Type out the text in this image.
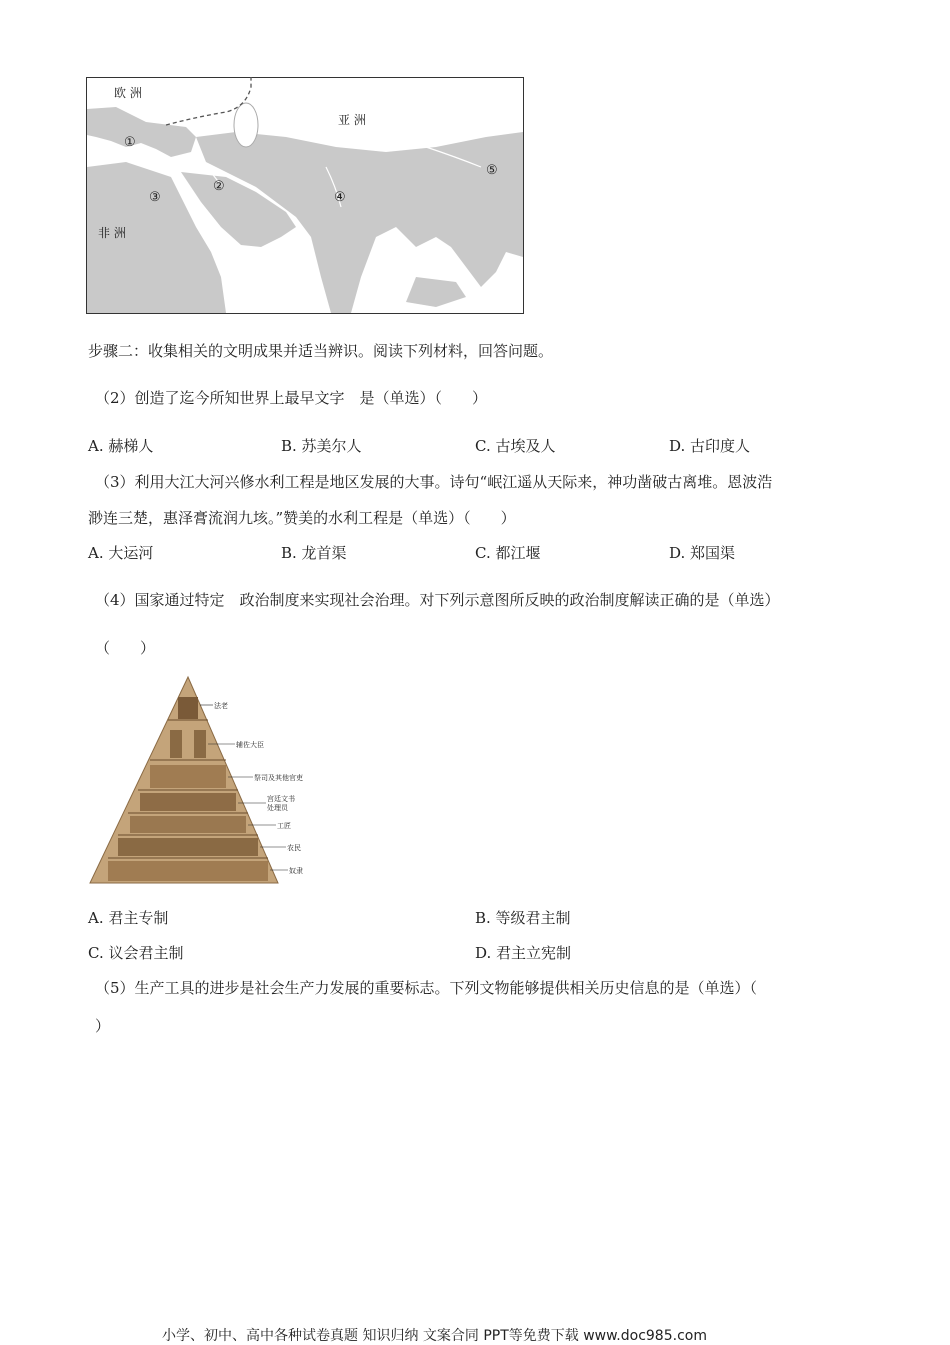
欧 洲
亚 洲
非 洲
①
②
③	④
⑤
步骤二：收集相关的文明成果并适当辨识。阅读下列材料，回答问题。
（2）创造了迄今所知世界上最早文字　是（单选）（　　）
A. 赫梯人	B. 苏美尔人	C. 古埃及人	D. 古印度人
（3）利用大江大河兴修水利工程是地区发展的大事。诗句“岷江遥从天际来，神功凿破古离堆。恩波浩
渺连三楚，惠泽膏流润九垓。”赞美的水利工程是（单选）（　　）
A. 大运河	B. 龙首渠	C. 都江堰	D. 郑国渠
（4）国家通过特定　政治制度来实现社会治理。对下列示意图所反映的政治制度解读正确的是（单选）
（　　）
法老
辅佐大臣
祭司及其他官吏
宫廷文书
处理员
工匠
农民
奴隶
A. 君主专制	B. 等级君主制
C. 议会君主制	D. 君主立宪制
（5）生产工具的进步是社会生产力发展的重要标志。下列文物能够提供相关历史信息的是（单选）（
）
小学、初中、高中各种试卷真题 知识归纳 文案合同 PPT等免费下载 www.doc985.com
